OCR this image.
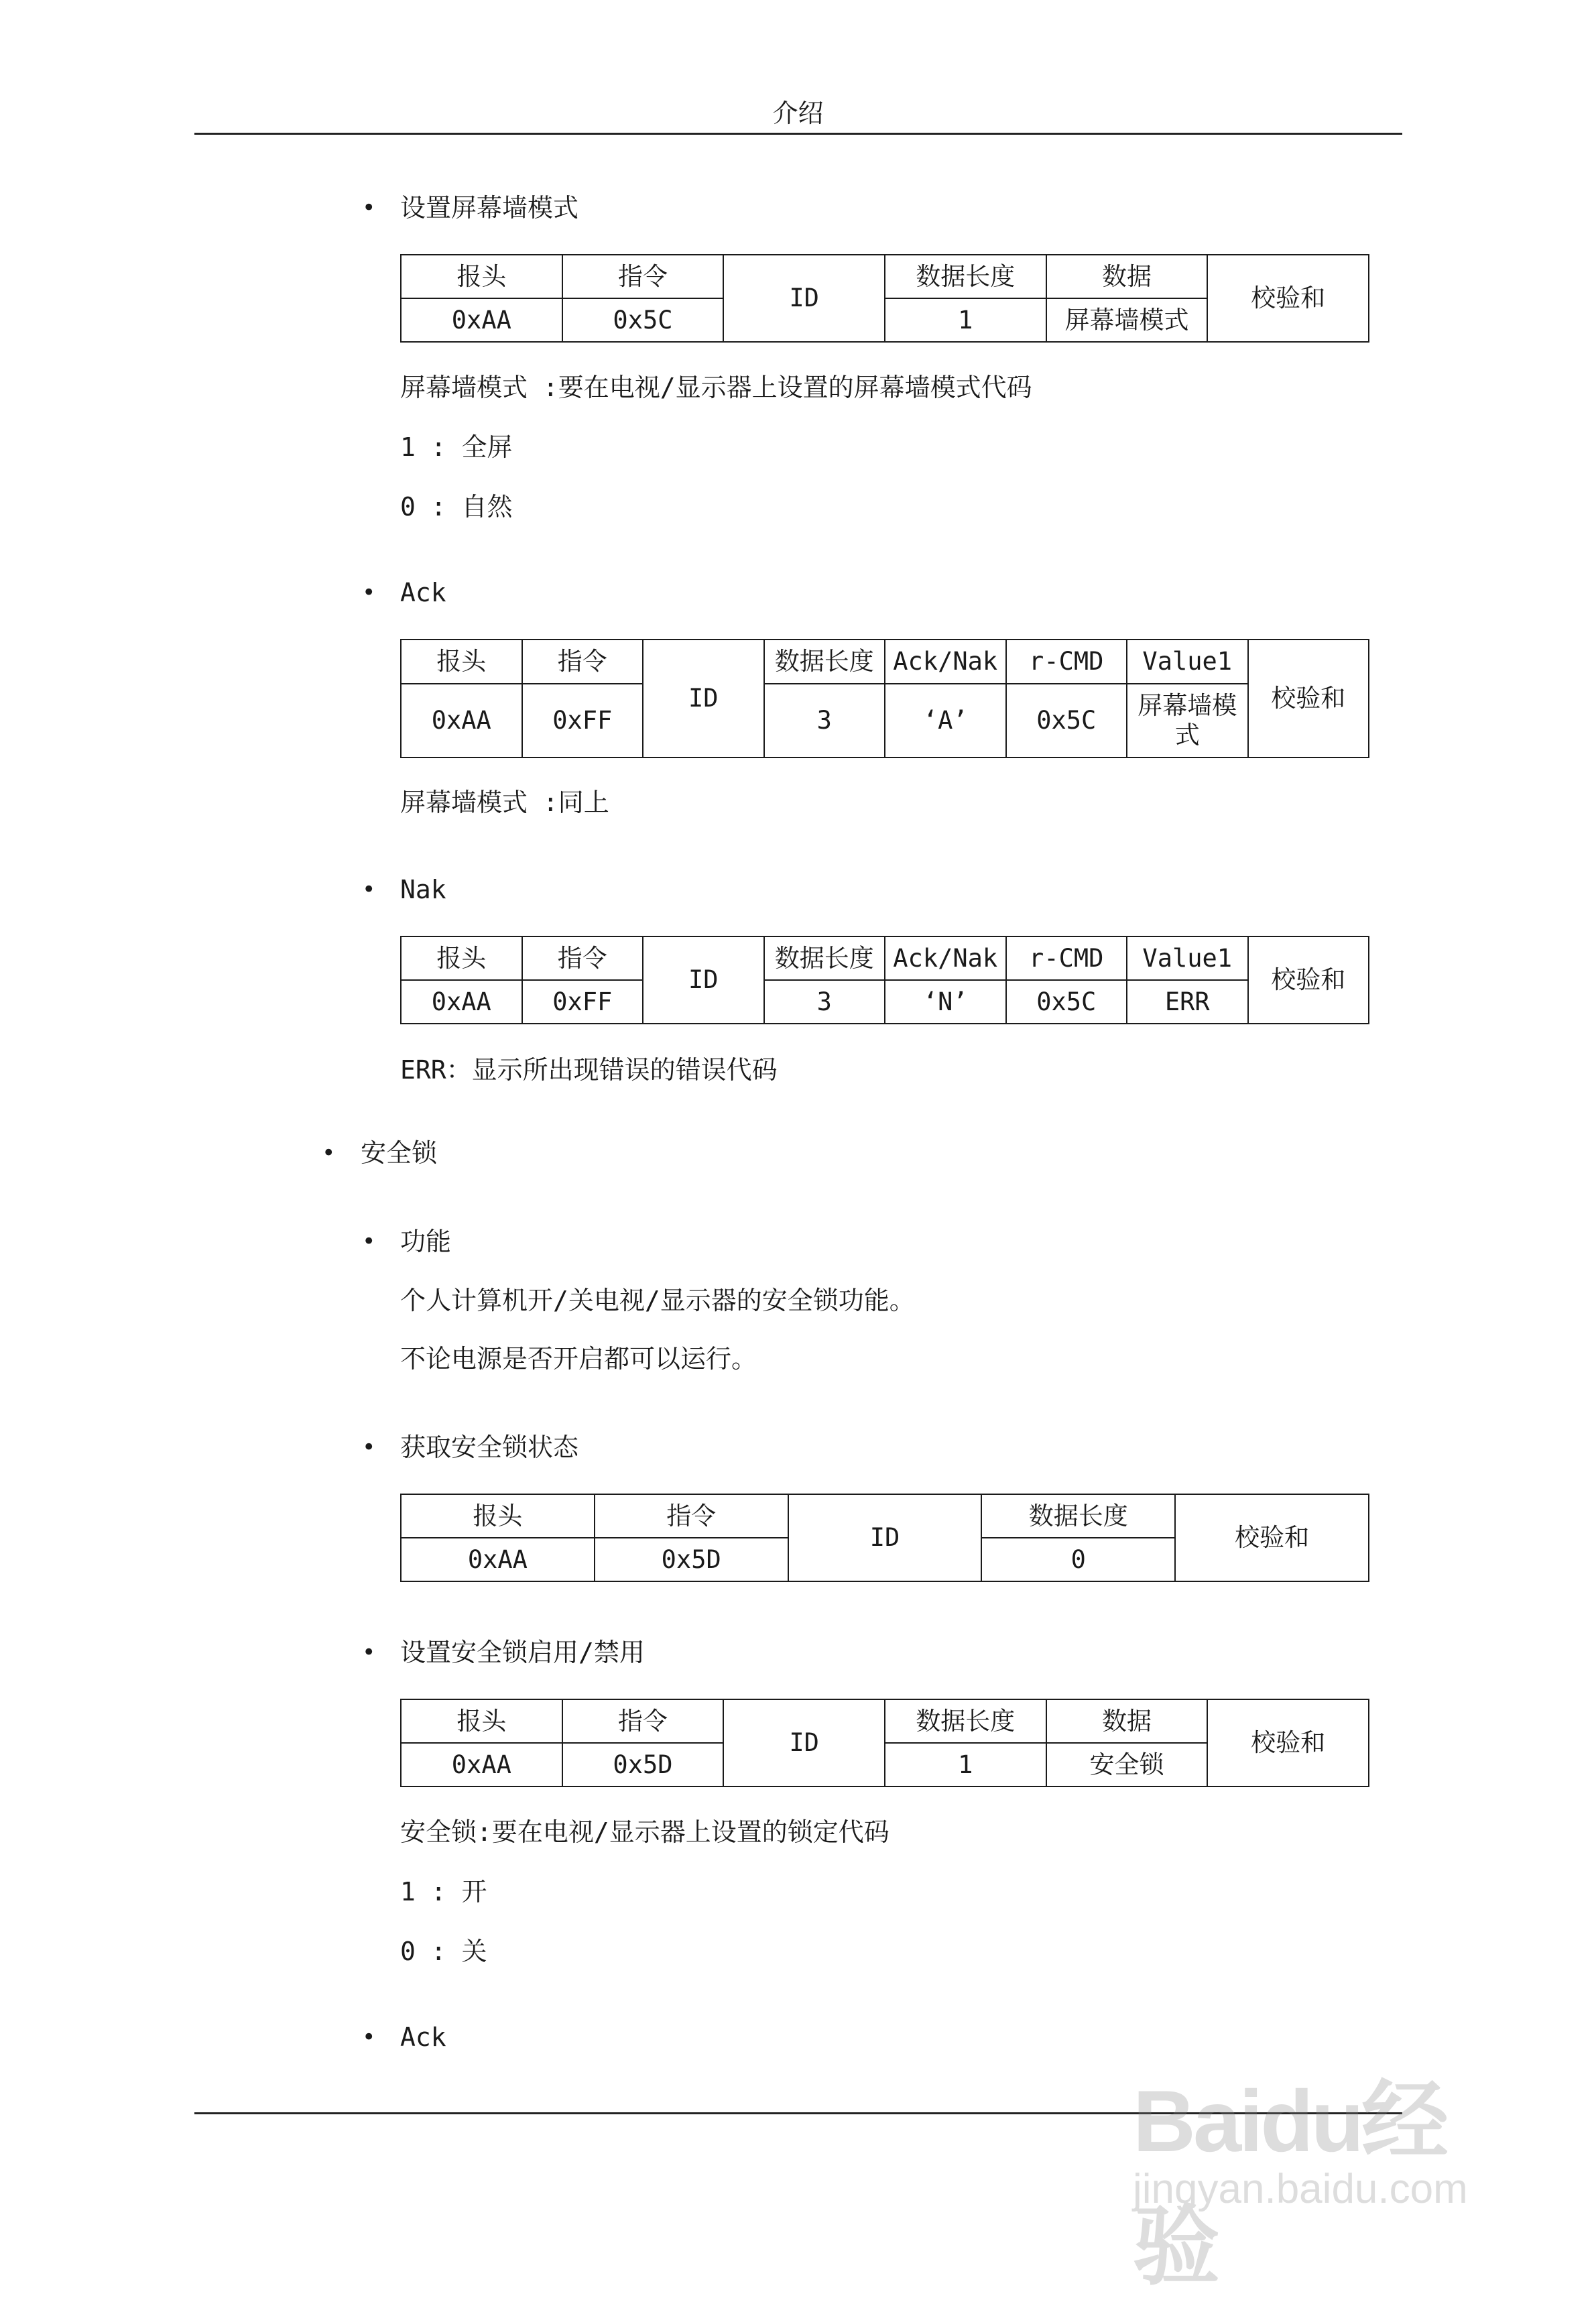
介绍
• 设置屏幕墙模式
报头	指令	ID	数据长度	数据	校验和
0xAA	0x5C		1	屏幕墙模式	
屏幕墙模式 :要在电视/显示器上设置的屏幕墙模式代码
1 : 全屏
0 : 自然
• Ack
报头	指令	ID	数据长度	Ack/Nak	r-CMD	Value1	校验和
0xAA	0xFF		3	‘A’	0x5C	屏幕墙模式	
屏幕墙模式 :同上
• Nak
报头	指令	ID	数据长度	Ack/Nak	r-CMD	Value1	校验和
0xAA	0xFF		3	‘N’	0x5C	ERR	
ERR：显示所出现错误的错误代码
• 安全锁
• 功能
个人计算机开/关电视/显示器的安全锁功能。
不论电源是否开启都可以运行。
• 获取安全锁状态
报头	指令	ID	数据长度	校验和
0xAA	0x5D		0	
• 设置安全锁启用/禁用
报头	指令	ID	数据长度	数据	校验和
0xAA	0x5D		1	安全锁	
安全锁:要在电视/显示器上设置的锁定代码
1 : 开
0 : 关
• Ack
Baidu经验
jingyan.baidu.com
